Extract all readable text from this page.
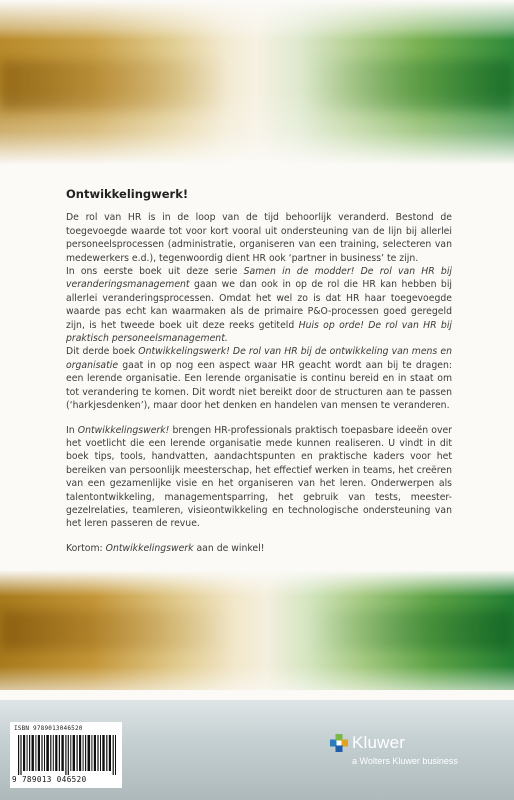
Ontwikkelingwerk!

De rol van HR is in de loop van de tijd behoorlijk veranderd. Bestond de toegevoegde waarde tot voor kort vooral uit ondersteuning van de lijn bij allerlei personeelsprocessen (administratie, organiseren van een training, selecteren van medewerkers e.d.), tegenwoordig dient HR ook ‘partner in business’ te zijn.

In ons eerste boek uit deze serie Samen in de modder! De rol van HR bij veranderingsmanagement gaan we dan ook in op de rol die HR kan hebben bij allerlei veranderingsprocessen. Omdat het wel zo is dat HR haar toegevoegde waarde pas echt kan waarmaken als de primaire P&O-processen goed geregeld zijn, is het tweede boek uit deze reeks getiteld Huis op orde! De rol van HR bij praktisch personeelsmanagement.

Dit derde boek Ontwikkelingswerk! De rol van HR bij de ontwikkeling van mens en organisatie gaat in op nog een aspect waar HR geacht wordt aan bij te dragen: een lerende organisatie. Een lerende organisatie is continu bereid en in staat om tot verandering te komen. Dit wordt niet bereikt door de structuren aan te passen (‘harkjesdenken’), maar door het denken en handelen van mensen te veranderen.

In Ontwikkelingswerk! brengen HR-professionals praktisch toepasbare ideeën over het voetlicht die een lerende organisatie mede kunnen realiseren. U vindt in dit boek tips, tools, handvatten, aandachtspunten en praktische kaders voor het bereiken van persoonlijk meesterschap, het effectief werken in teams, het creëren van een gezamenlijke visie en het organiseren van het leren. Onderwerpen als talentontwikkeling, managementsparring, het gebruik van tests, meester-gezelrelaties, teamleren, visieontwikkeling en technologische ondersteuning van het leren passeren de revue.

Kortom: Ontwikkelingswerk aan de winkel!

ISBN 9789013046520
9 789013 046520
Kluwer
a Wolters Kluwer business
